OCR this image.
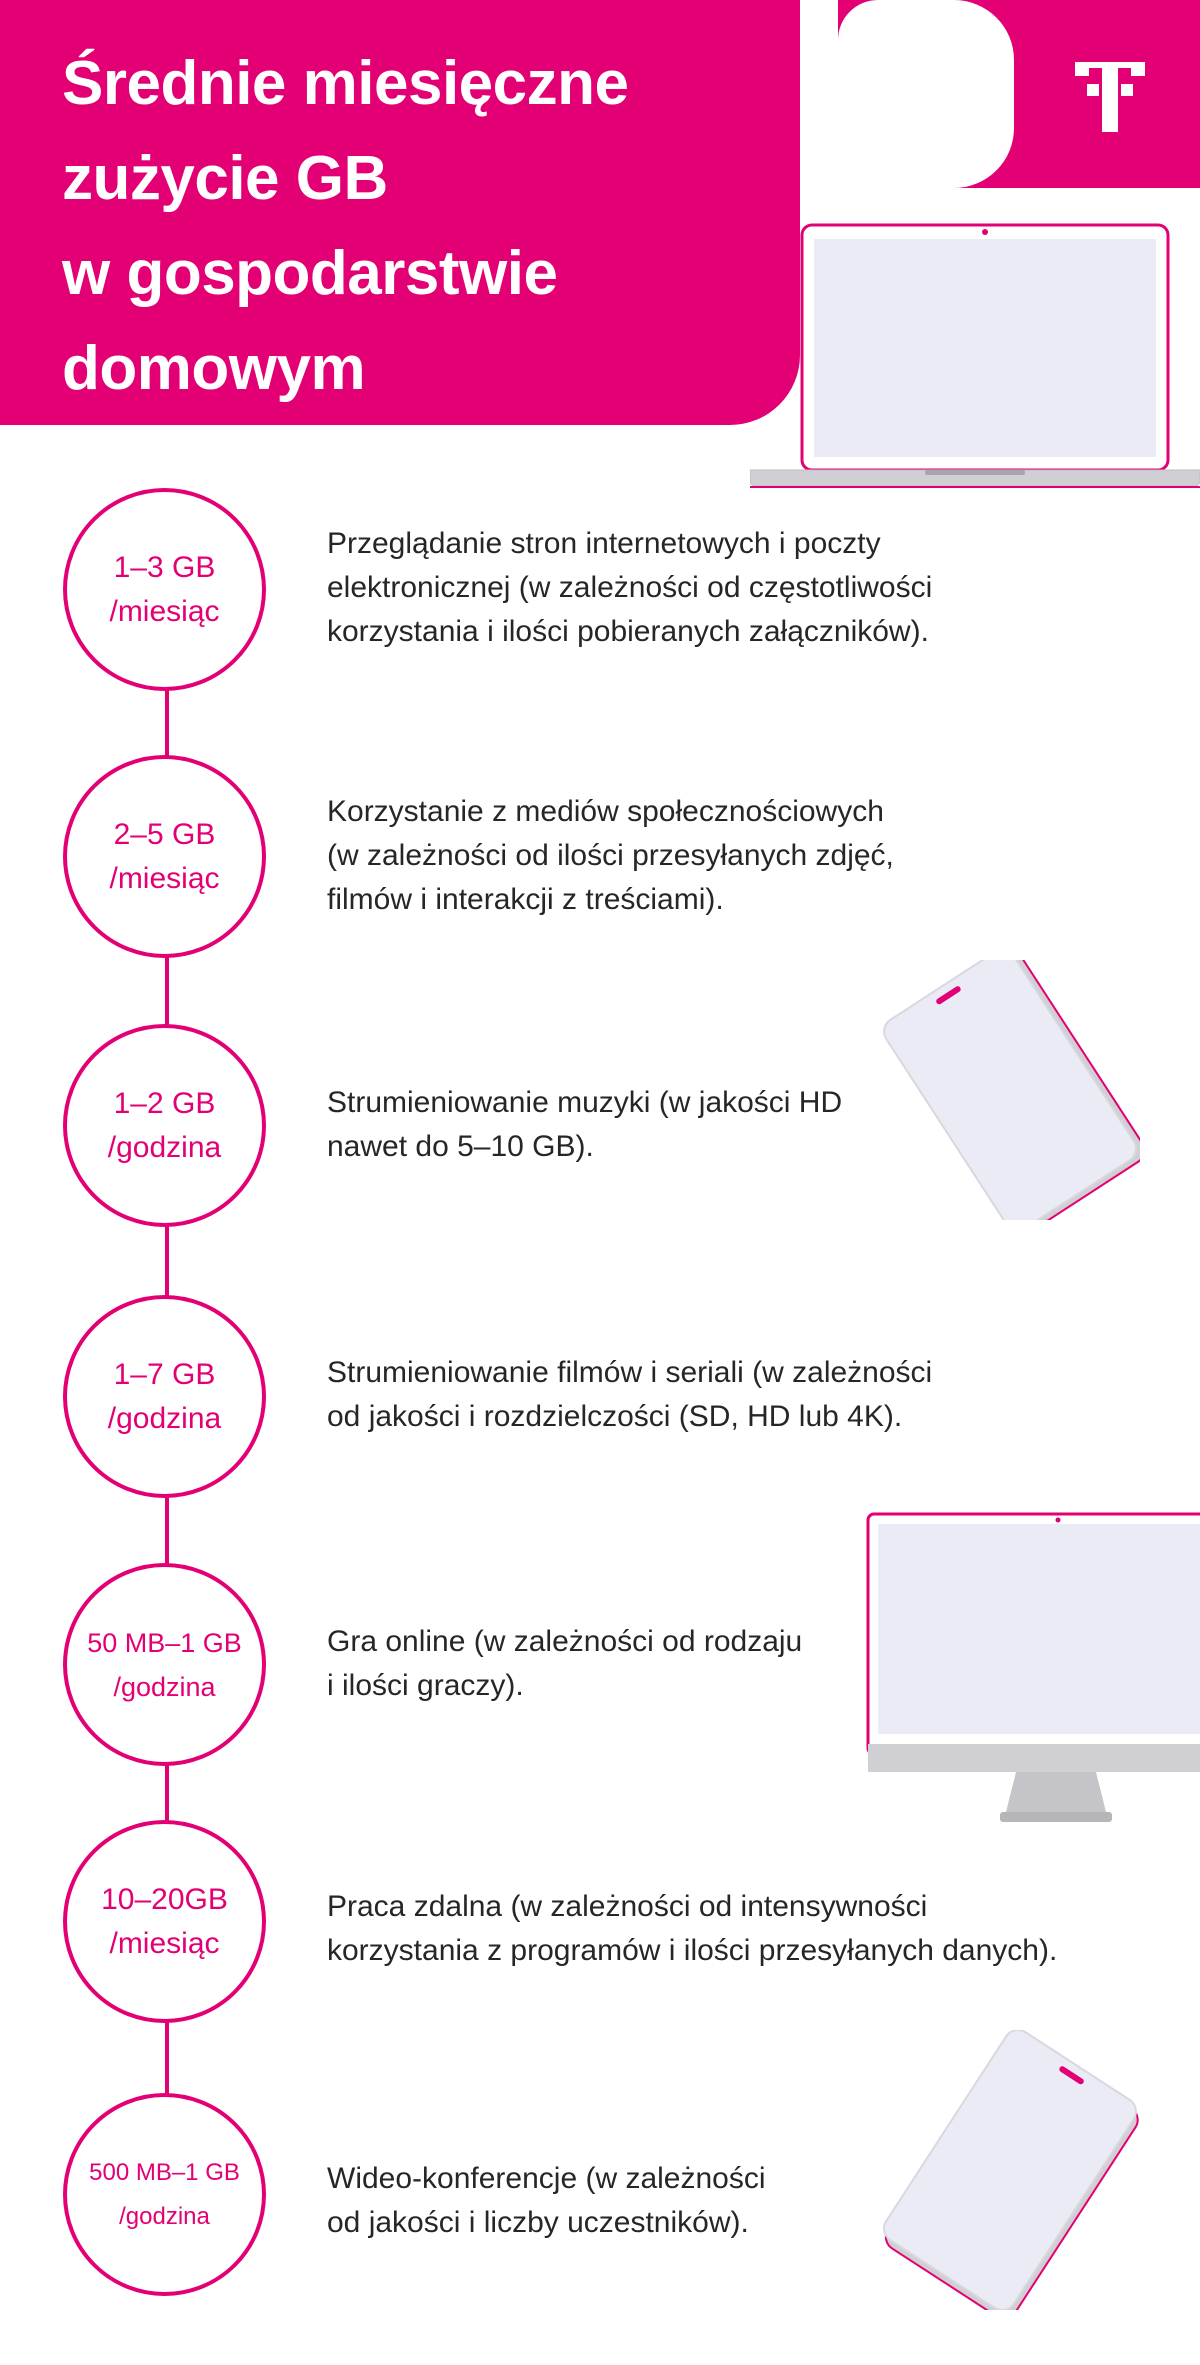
Średnie miesięczne
zużycie GB
w gospodarstwie
domowym
1–3 GB
/miesiąc
Przeglądanie stron internetowych i poczty
elektronicznej (w zależności od częstotliwości
korzystania i ilości pobieranych załączników).
2–5 GB
/miesiąc
Korzystanie z mediów społecznościowych
(w zależności od ilości przesyłanych zdjęć,
filmów i interakcji z treściami).
1–2 GB
/godzina
Strumieniowanie muzyki (w jakości HD
nawet do 5–10 GB).
1–7 GB
/godzina
Strumieniowanie filmów i seriali (w zależności
od jakości i rozdzielczości (SD, HD lub 4K).
50 MB–1 GB
/godzina
Gra online (w zależności od rodzaju
i ilości graczy).
10–20GB
/miesiąc
Praca zdalna (w zależności od intensywności
korzystania z programów i ilości przesyłanych danych).
500 MB–1 GB
/godzina
Wideo-konferencje (w zależności
od jakości i liczby uczestników).
